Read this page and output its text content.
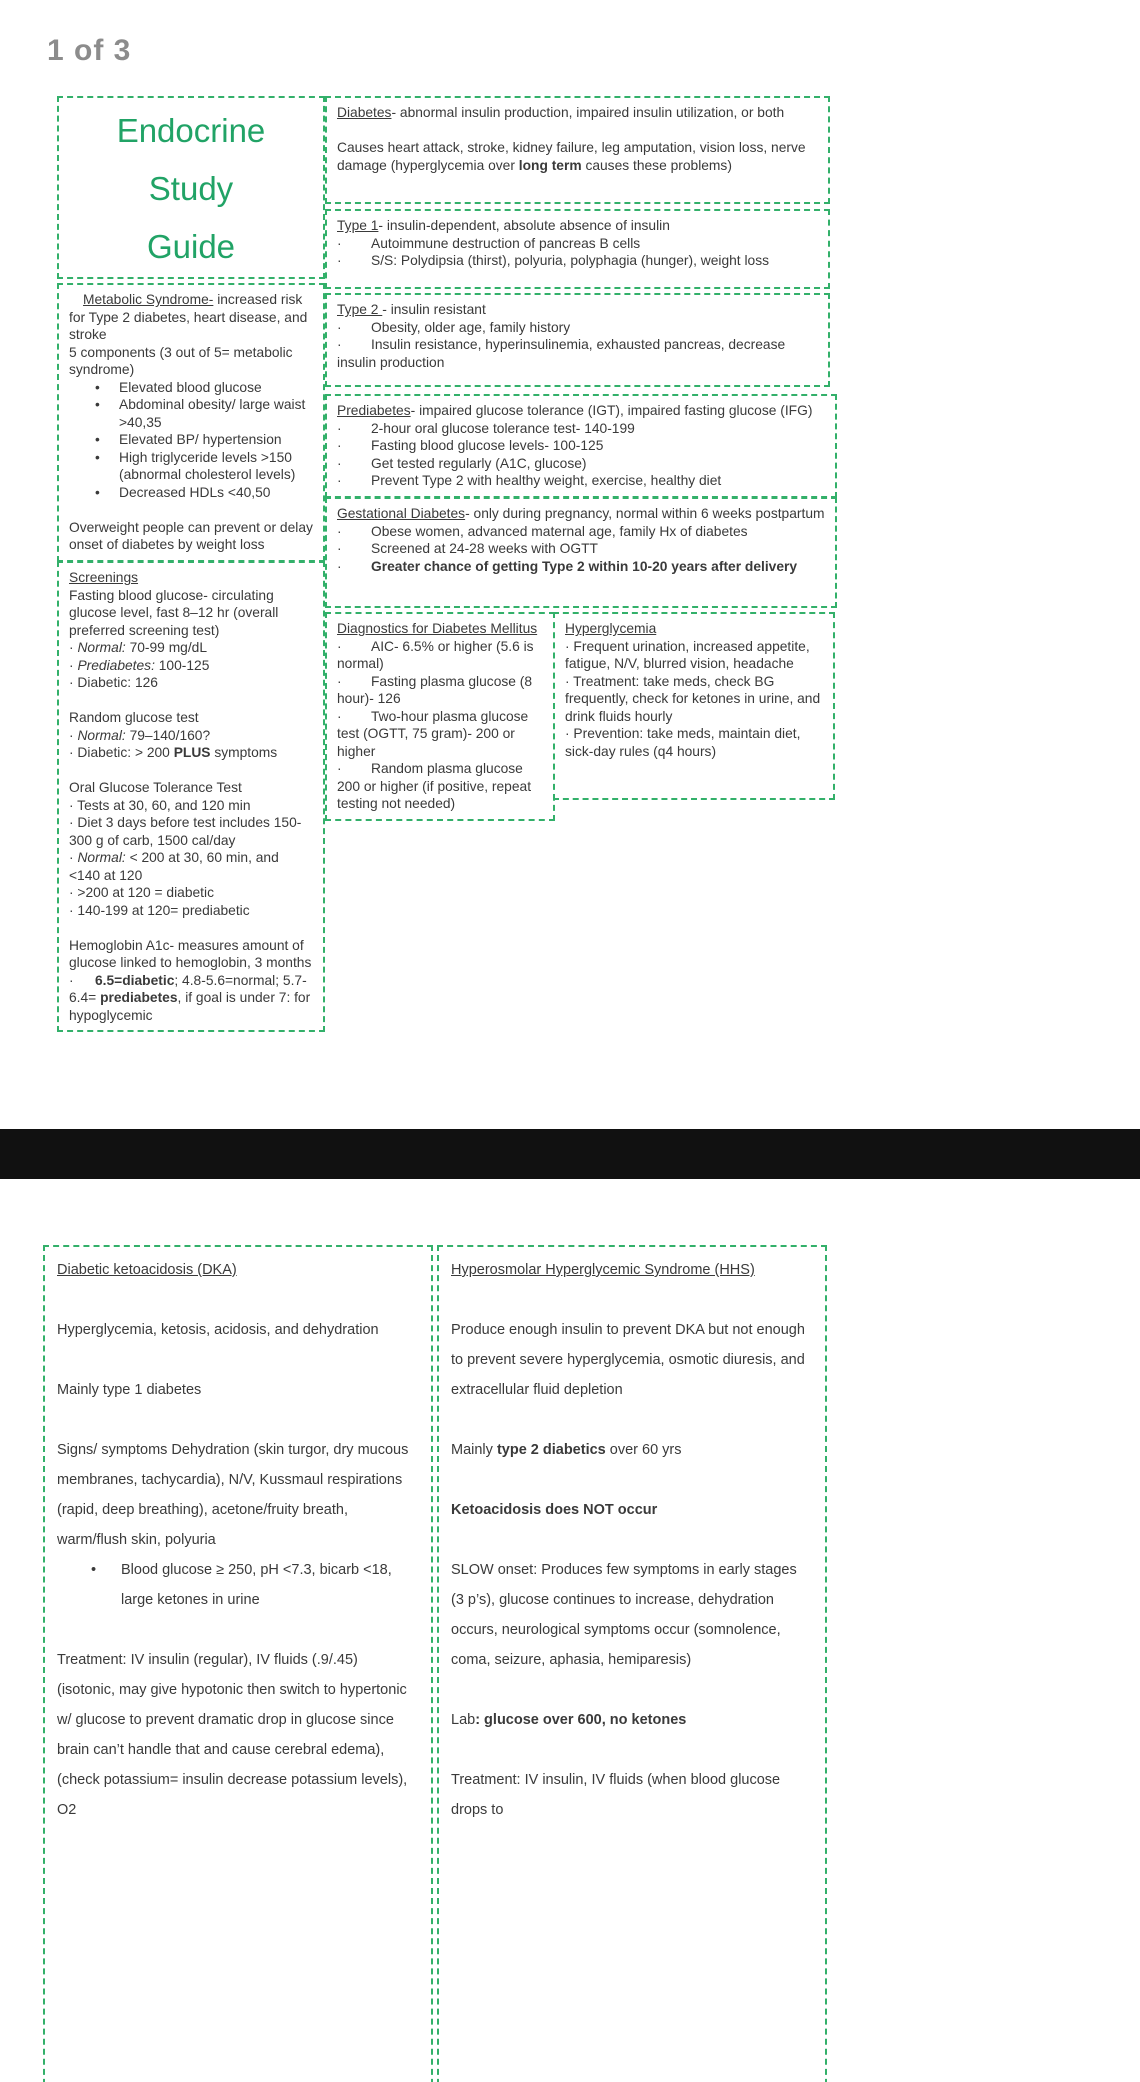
1 of 3
Endocrine
Study
Guide
Metabolic Syndrome- increased risk for Type 2 diabetes, heart disease, and stroke
5 components (3 out of 5= metabolic syndrome)
• Elevated blood glucose
• Abdominal obesity/ large waist >40,35
• Elevated BP/ hypertension
• High triglyceride levels >150 (abnormal cholesterol levels)
• Decreased HDLs <40,50

Overweight people can prevent or delay onset of diabetes by weight loss
Screenings
Fasting blood glucose- circulating glucose level, fast 8–12 hr (overall preferred screening test)
· Normal: 70-99 mg/dL
· Prediabetes: 100-125
· Diabetic: 126

Random glucose test
· Normal: 79–140/160?
· Diabetic: > 200 PLUS symptoms

Oral Glucose Tolerance Test
· Tests at 30, 60, and 120 min
· Diet 3 days before test includes 150-300 g of carb, 1500 cal/day
· Normal: < 200 at 30, 60 min, and <140 at 120
· >200 at 120 = diabetic
· 140-199 at 120= prediabetic

Hemoglobin A1c- measures amount of glucose linked to hemoglobin, 3 months
· 6.5=diabetic; 4.8-5.6=normal; 5.7-6.4= prediabetes, if goal is under 7: for hypoglycemic
Diabetes- abnormal insulin production, impaired insulin utilization, or both

Causes heart attack, stroke, kidney failure, leg amputation, vision loss, nerve damage (hyperglycemia over long term causes these problems)
Type 1- insulin-dependent, absolute absence of insulin
· Autoimmune destruction of pancreas B cells
· S/S: Polydipsia (thirst), polyuria, polyphagia (hunger), weight loss
Type 2 - insulin resistant
· Obesity, older age, family history
· Insulin resistance, hyperinsulinemia, exhausted pancreas, decrease insulin production
Prediabetes- impaired glucose tolerance (IGT), impaired fasting glucose (IFG)
· 2-hour oral glucose tolerance test- 140-199
· Fasting blood glucose levels- 100-125
· Get tested regularly (A1C, glucose)
· Prevent Type 2 with healthy weight, exercise, healthy diet
Gestational Diabetes- only during pregnancy, normal within 6 weeks postpartum
· Obese women, advanced maternal age, family Hx of diabetes
· Screened at 24-28 weeks with OGTT
· Greater chance of getting Type 2 within 10-20 years after delivery
Diagnostics for Diabetes Mellitus
· AIC- 6.5% or higher (5.6 is normal)
· Fasting plasma glucose (8 hour)- 126
· Two-hour plasma glucose test (OGTT, 75 gram)- 200 or higher
· Random plasma glucose 200 or higher (if positive, repeat testing not needed)
Hyperglycemia
· Frequent urination, increased appetite, fatigue, N/V, blurred vision, headache
· Treatment: take meds, check BG frequently, check for ketones in urine, and drink fluids hourly
· Prevention: take meds, maintain diet, sick-day rules (q4 hours)
Diabetic ketoacidosis (DKA)

Hyperglycemia, ketosis, acidosis, and dehydration

Mainly type 1 diabetes

Signs/ symptoms Dehydration (skin turgor, dry mucous membranes, tachycardia), N/V, Kussmaul respirations (rapid, deep breathing), acetone/fruity breath, warm/flush skin, polyuria
• Blood glucose ≥ 250, pH <7.3, bicarb <18, large ketones in urine

Treatment: IV insulin (regular), IV fluids (.9/.45) (isotonic, may give hypotonic then switch to hypertonic w/ glucose to prevent dramatic drop in glucose since brain can’t handle that and cause cerebral edema), (check potassium= insulin decrease potassium levels), O2
Hyperosmolar Hyperglycemic Syndrome (HHS)

Produce enough insulin to prevent DKA but not enough to prevent severe hyperglycemia, osmotic diuresis, and extracellular fluid depletion

Mainly type 2 diabetics over 60 yrs

Ketoacidosis does NOT occur

SLOW onset: Produces few symptoms in early stages (3 p’s), glucose continues to increase, dehydration occurs, neurological symptoms occur (somnolence, coma, seizure, aphasia, hemiparesis)

Lab: glucose over 600, no ketones

Treatment: IV insulin, IV fluids (when blood glucose drops to
